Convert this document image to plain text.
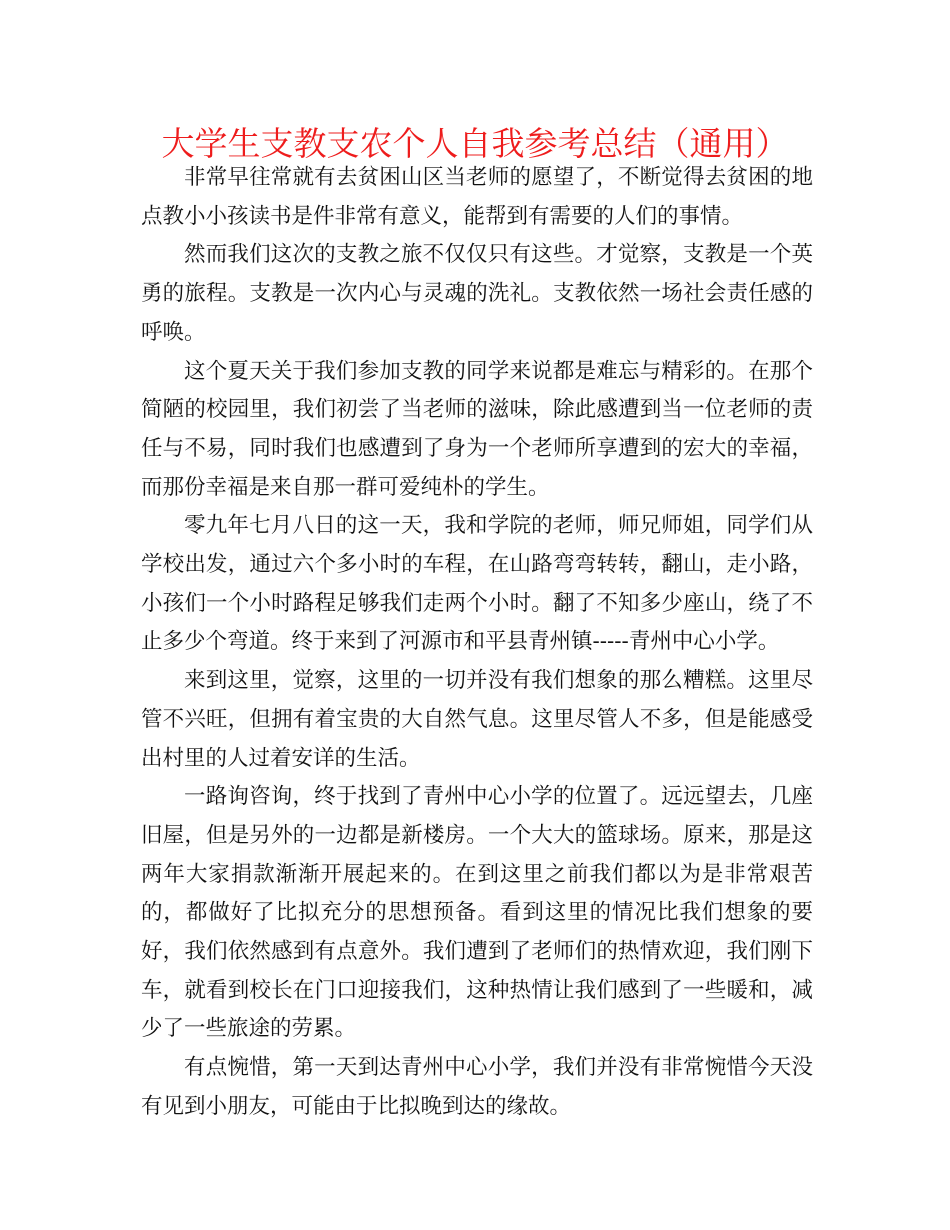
大学生支教支农个人自我参考总结（通用）

非常早往常就有去贫困山区当老师的愿望了，不断觉得去贫困的地点教小小孩读书是件非常有意义，能帮到有需要的人们的事情。

然而我们这次的支教之旅不仅仅只有这些。才觉察，支教是一个英勇的旅程。支教是一次内心与灵魂的洗礼。支教依然一场社会责任感的呼唤。

这个夏天关于我们参加支教的同学来说都是难忘与精彩的。在那个简陋的校园里，我们初尝了当老师的滋味，除此感遭到当一位老师的责任与不易，同时我们也感遭到了身为一个老师所享遭到的宏大的幸福，而那份幸福是来自那一群可爱纯朴的学生。

零九年七月八日的这一天，我和学院的老师，师兄师姐，同学们从学校出发，通过六个多小时的车程，在山路弯弯转转，翻山，走小路，小孩们一个小时路程足够我们走两个小时。翻了不知多少座山，绕了不止多少个弯道。终于来到了河源市和平县青州镇-----青州中心小学。

来到这里，觉察，这里的一切并没有我们想象的那么糟糕。这里尽管不兴旺，但拥有着宝贵的大自然气息。这里尽管人不多，但是能感受出村里的人过着安详的生活。

一路询咨询，终于找到了青州中心小学的位置了。远远望去，几座旧屋，但是另外的一边都是新楼房。一个大大的篮球场。原来，那是这两年大家捐款渐渐开展起来的。在到这里之前我们都以为是非常艰苦的，都做好了比拟充分的思想预备。看到这里的情况比我们想象的要好，我们依然感到有点意外。我们遭到了老师们的热情欢迎，我们刚下车，就看到校长在门口迎接我们，这种热情让我们感到了一些暖和，减少了一些旅途的劳累。

有点惋惜，第一天到达青州中心小学，我们并没有非常惋惜今天没有见到小朋友，可能由于比拟晚到达的缘故。
